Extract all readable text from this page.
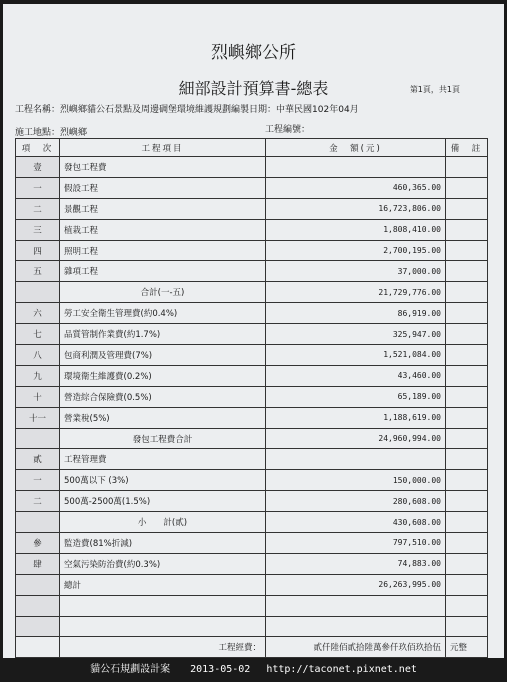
烈嶼鄉公所
細部設計預算書-總表	第1頁，共1頁
工程名稱：烈嶼鄉貓公石景點及周邊碉堡環境維護規劃編製日期：中華民國102年04月
施工地點：烈嶼鄉	工程編號：
項　次	工程項目	金　額(元)	備　註
壹	發包工程費		
一	假設工程	460,365.00	
二	景觀工程	16,723,806.00	
三	植栽工程	1,808,410.00	
四	照明工程	2,700,195.00	
五	雜項工程	37,000.00	
	合計(一-五)	21,729,776.00	
六	勞工安全衛生管理費(約0.4%)	86,919.00	
七	品質管制作業費(約1.7%)	325,947.00	
八	包商利潤及管理費(7%)	1,521,084.00	
九	環境衛生維護費(0.2%)	43,460.00	
十	營造綜合保險費(0.5%)	65,189.00	
十一	營業稅(5%)	1,188,619.00	
	發包工程費合計	24,960,994.00	
貳	工程管理費		
一	500萬以下 (3%)	150,000.00	
二	500萬-2500萬(1.5%)	280,608.00	
	小　　計(貳)	430,608.00	
參	監造費(81%折減)	797,510.00	
肆	空氣污染防治費(約0.3%)	74,883.00	
	總計	26,263,995.00	

	工程經費：	貳仟陸佰貳拾陸萬參仟玖佰玖拾伍	元整
貓公石規劃設計案　　2013-05-02　 http://taconet.pixnet.net
